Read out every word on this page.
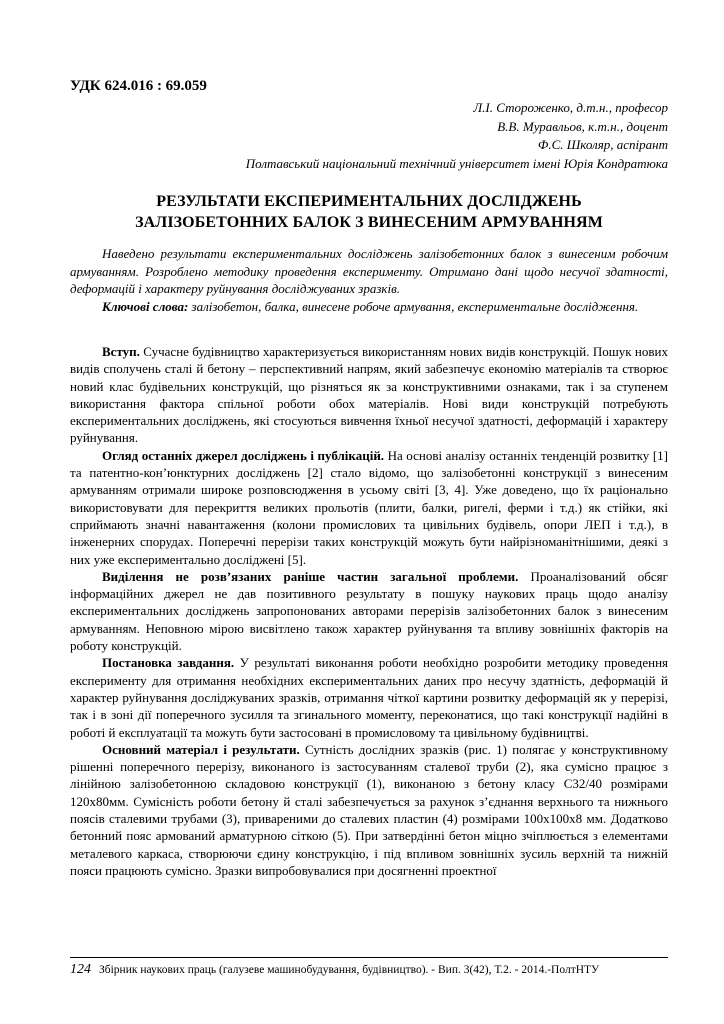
УДК 624.016 : 69.059
Л.І. Стороженко, д.т.н., професор
В.В. Муравльов, к.т.н., доцент
Ф.С. Школяр, аспірант
Полтавський національний технічний університет імені Юрія Кондратюка
РЕЗУЛЬТАТИ ЕКСПЕРИМЕНТАЛЬНИХ ДОСЛІДЖЕНЬ
ЗАЛІЗОБЕТОННИХ БАЛОК З ВИНЕСЕНИМ АРМУВАННЯМ

Наведено результати експериментальних досліджень залізобетонних балок з винесеним робочим армуванням. Розроблено методику проведення експерименту. Отримано дані щодо несучої здатності, деформацій і характеру руйнування досліджуваних зразків.

Ключові слова: залізобетон, балка, винесене робоче армування, експериментальне дослідження.

Вступ. Сучасне будівництво характеризується використанням нових видів конструкцій. Пошук нових видів сполучень сталі й бетону – перспективний напрям, який забезпечує економію матеріалів та створює новий клас будівельних конструкцій, що різняться як за конструктивними ознаками, так і за ступенем використання фактора спільної роботи обох матеріалів. Нові види конструкцій потребують експериментальних досліджень, які стосуються вивчення їхньої несучої здатності, деформацій і характеру руйнування.

Огляд останніх джерел досліджень і публікацій. На основі аналізу останніх тенденцій розвитку [1] та патентно-кон’юнктурних досліджень [2] стало відомо, що залізобетонні конструкції з винесеним армуванням отримали широке розповсюдження в усьому світі [3, 4]. Уже доведено, що їх раціонально використовувати для перекриття великих прольотів (плити, балки, ригелі, ферми і т.д.) як стійки, які сприймають значні навантаження (колони промислових та цивільних будівель, опори ЛЕП і т.д.), в інженерних спорудах. Поперечні перерізи таких конструкцій можуть бути найрізноманітнішими, деякі з них уже експериментально досліджені [5].

Виділення не розв’язаних раніше частин загальної проблеми. Проаналізований обсяг інформаційних джерел не дав позитивного результату в пошуку наукових праць щодо аналізу експериментальних досліджень запропонованих авторами перерізів залізобетонних балок з винесеним армуванням. Неповною мірою висвітлено також характер руйнування та впливу зовнішніх факторів на роботу конструкцій.

Постановка завдання. У результаті виконання роботи необхідно розробити методику проведення експерименту для отримання необхідних експериментальних даних про несучу здатність, деформацій й характер руйнування досліджуваних зразків, отримання чіткої картини розвитку деформацій як у перерізі, так і в зоні дії поперечного зусилля та згинального моменту, переконатися, що такі конструкції надійні в роботі й експлуатації та можуть бути застосовані в промисловому та цивільному будівництві.

Основний матеріал і результати. Сутність дослідних зразків (рис. 1) полягає у конструктивному рішенні поперечного перерізу, виконаного із застосуванням сталевої труби (2), яка сумісно працює з лінійною залізобетонною складовою конструкції (1), виконаною з бетону класу С32/40 розмірами 120х80мм. Сумісність роботи бетону й сталі забезпечується за рахунок з’єднання верхнього та нижнього поясів сталевими трубами (3), привареними до сталевих пластин (4) розмірами 100х100х8 мм. Додатково бетонний пояс армований арматурною сіткою (5). При затвердінні бетон міцно зчіплюється з елементами металевого каркаса, створюючи єдину конструкцію, і під впливом зовнішніх зусиль верхній та нижній пояси працюють сумісно. Зразки випробовувалися при досягненні проектної

124 Збірник наукових праць (галузеве машинобудування, будівництво). - Вип. 3(42), Т.2. - 2014.-ПолтНТУ
